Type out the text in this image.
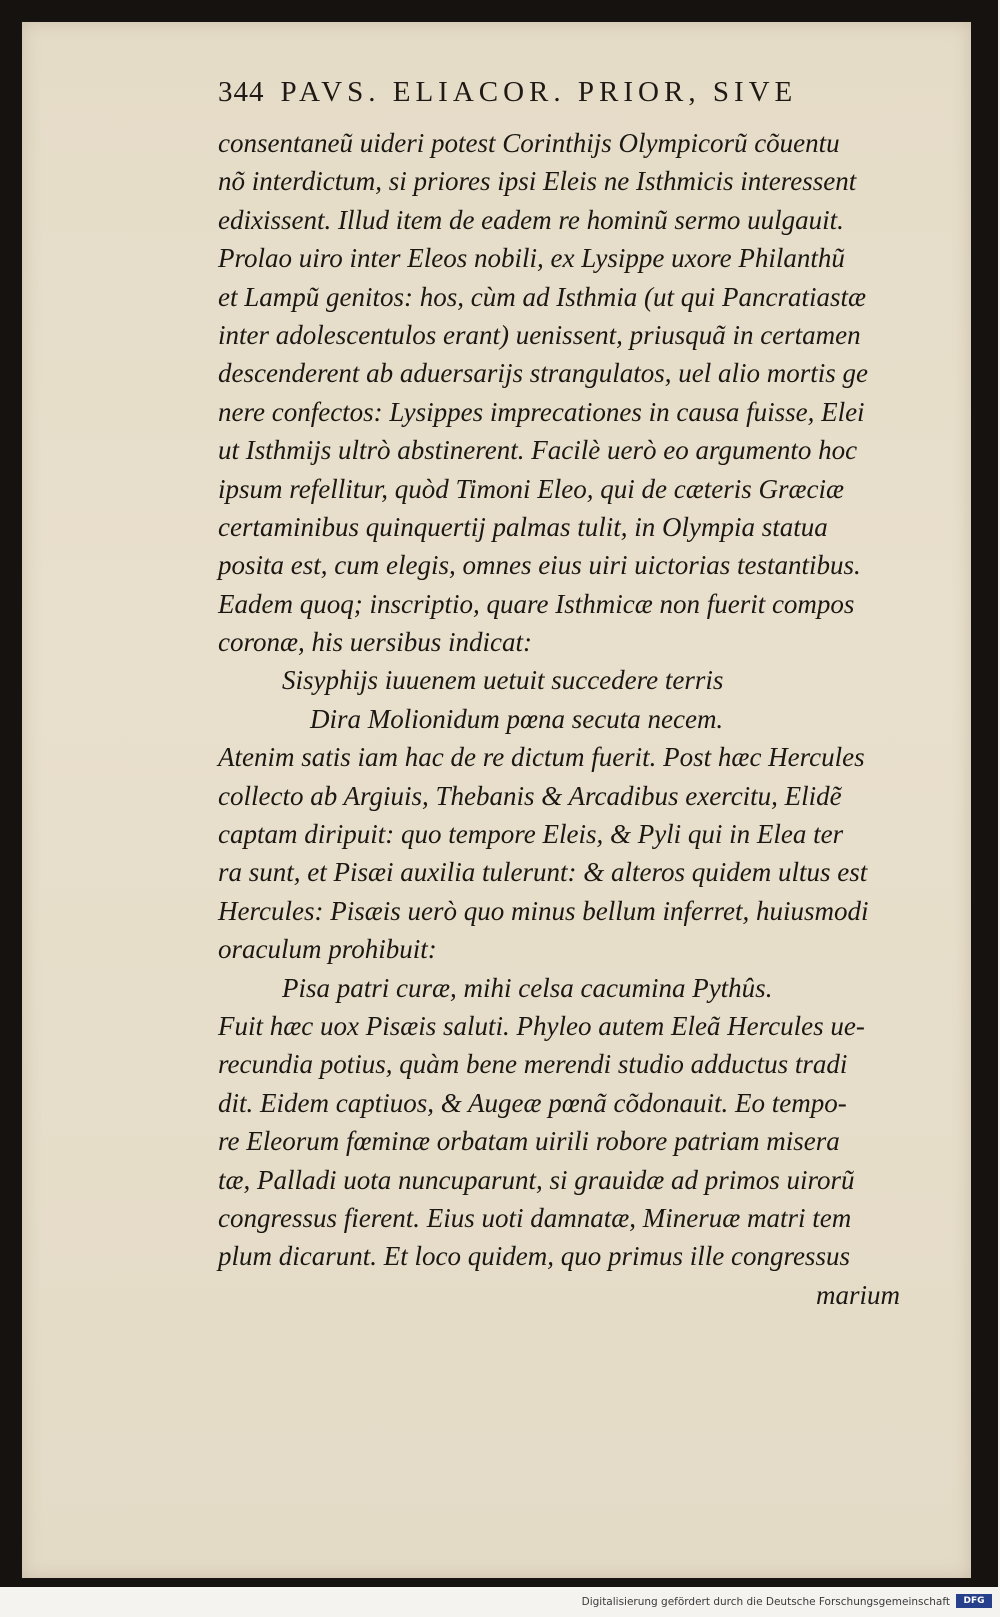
344 PAVS. ELIACOR. PRIOR, SIVE
consentaneũ uideri potest Corinthijs Olympicorũ cõuentu
nõ interdictum, si priores ipsi Eleis ne Isthmicis interessent
edixissent. Illud item de eadem re hominũ sermo uulgauit.
Prolao uiro inter Eleos nobili, ex Lysippe uxore Philanthũ
et Lampũ genitos: hos, cùm ad Isthmia (ut qui Pancratiastæ
inter adolescentulos erant) uenissent, priusquã in certamen
descenderent ab aduersarijs strangulatos, uel alio mortis ge
nere confectos: Lysippes imprecationes in causa fuisse, Elei
ut Isthmijs ultrò abstinerent. Facilè uerò eo argumento hoc
ipsum refellitur, quòd Timoni Eleo, qui de cæteris Græciæ
certaminibus quinquertij palmas tulit, in Olympia statua
posita est, cum elegis, omnes eius uiri uictorias testantibus.
Eadem quoq; inscriptio, quare Isthmicæ non fuerit compos
coronæ, his uersibus indicat:
Sisyphijs iuuenem uetuit succedere terris
Dira Molionidum pœna secuta necem.
Atenim satis iam hac de re dictum fuerit. Post hæc Hercules
collecto ab Argiuis, Thebanis & Arcadibus exercitu, Elidẽ
captam diripuit: quo tempore Eleis, & Pyli qui in Elea ter
ra sunt, et Pisæi auxilia tulerunt: & alteros quidem ultus est
Hercules: Pisæis uerò quo minus bellum inferret, huiusmodi
oraculum prohibuit:
Pisa patri curæ, mihi celsa cacumina Pythûs.
Fuit hæc uox Pisæis saluti. Phyleo autem Eleã Hercules ue-
recundia potius, quàm bene merendi studio adductus tradi
dit. Eidem captiuos, & Augeæ pœnã cõdonauit. Eo tempo-
re Eleorum fœminæ orbatam uirili robore patriam misera
tæ, Palladi uota nuncuparunt, si grauidæ ad primos uirorũ
congressus fierent. Eius uoti damnatæ, Mineruæ matri tem
plum dicarunt. Et loco quidem, quo primus ille congressus
marium
Digitalisierung gefördert durch die Deutsche Forschungsgemeinschaft	DFG
